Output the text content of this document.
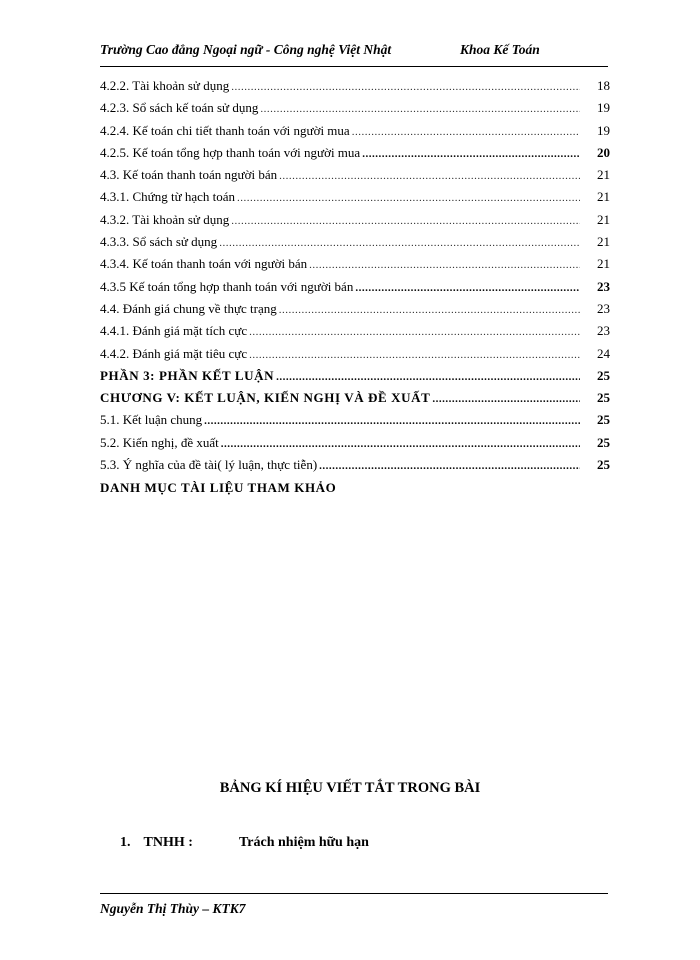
Trường Cao đẳng Ngoại ngữ - Công nghệ Việt Nhật	Khoa Kế Toán
4.2.2. Tài khoản sử dụng .....	18
4.2.3. Sổ sách kế toán sử dụng .....	19
4.2.4. Kế toán chi tiết thanh toán với người mua .....	19
4.2.5. Kế toán tổng hợp thanh toán với người mua .....	20
4.3. Kế toán thanh toán người bán .....	21
4.3.1. Chứng từ hạch toán .....	21
4.3.2. Tài khoản sử dụng .....	21
4.3.3. Sổ sách sử dụng .....	21
4.3.4. Kế toán thanh toán với người bán .....	21
4.3.5 Kế toán tổng hợp thanh toán với người bán .....	23
4.4. Đánh giá chung về thực trạng .....	23
4.4.1. Đánh giá mặt tích cực .....	23
4.4.2. Đánh giá mặt tiêu cực .....	24
PHẦN 3: PHẦN KẾT LUẬN .....	25
CHƯƠNG V: KẾT LUẬN, KIẾN NGHỊ VÀ ĐỀ XUẤT .....	25
5.1. Kết luận chung .....	25
5.2. Kiến nghị, đề xuất .....	25
5.3. Ý nghĩa của đề tài( lý luận, thực tiễn) .....	25
DANH MỤC TÀI LIỆU THAM KHẢO
BẢNG KÍ HIỆU VIẾT TẮT TRONG BÀI
1. TNHH :	Trách nhiệm hữu hạn
Nguyễn Thị Thùy – KTK7
